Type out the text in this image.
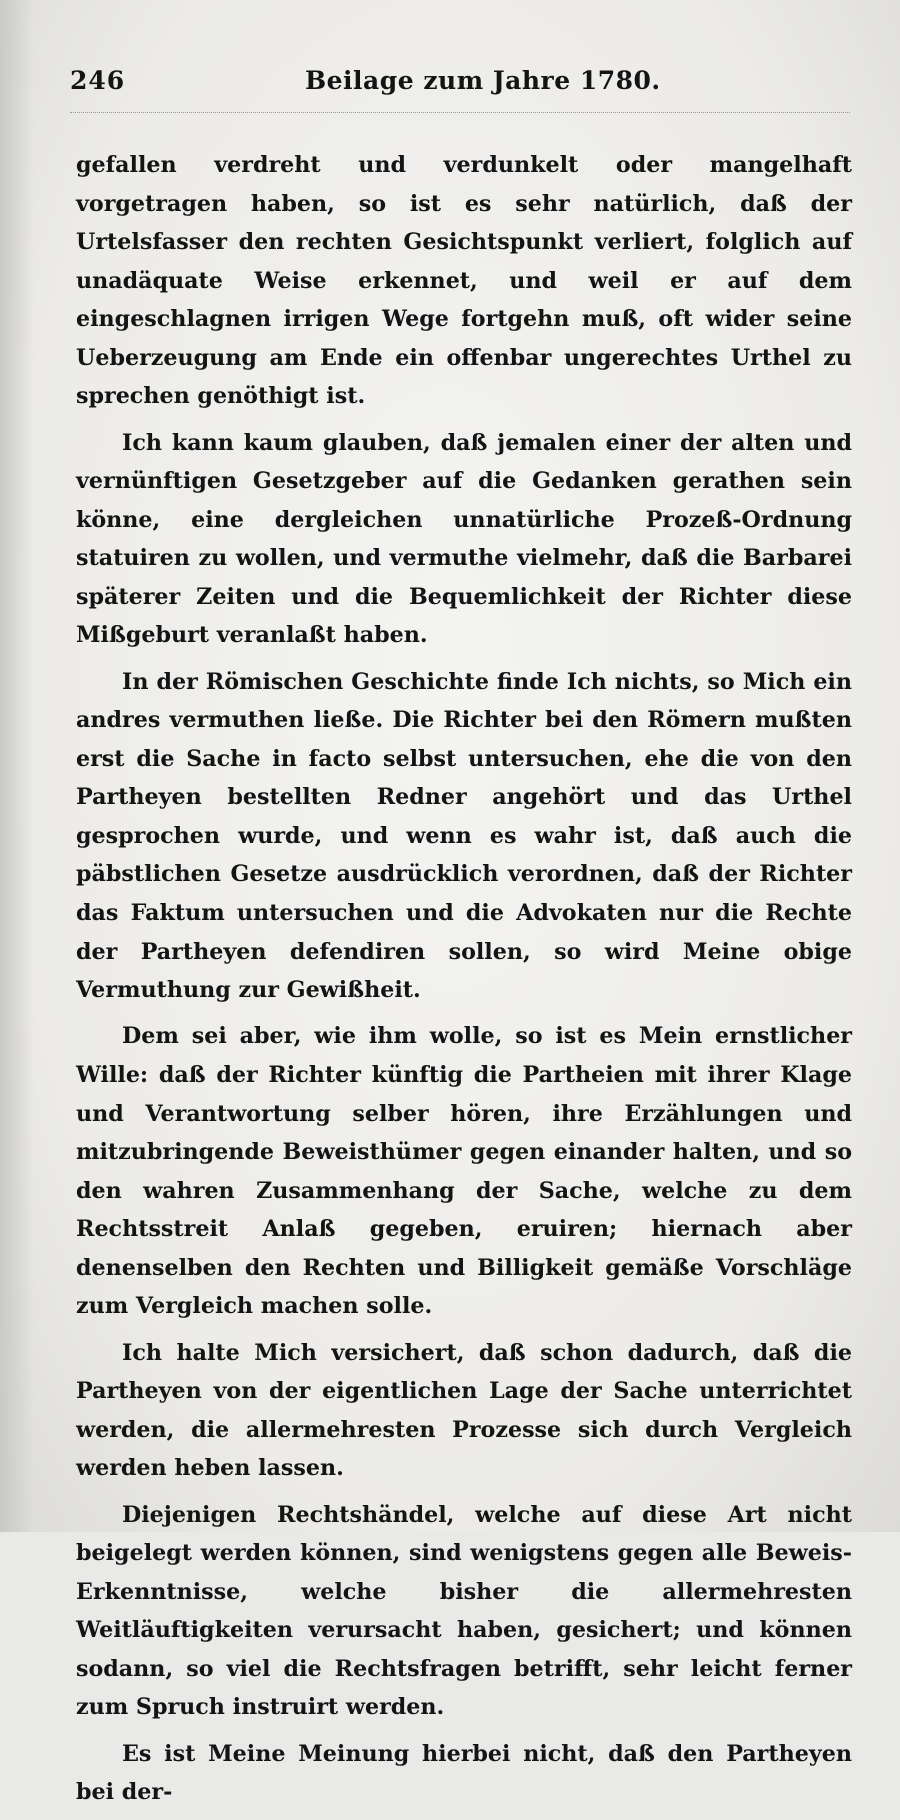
246	Beilage zum Jahre 1780.

gefallen verdreht und verdunkelt oder mangelhaft vorgetragen haben, so ist es sehr natürlich, daß der Urtelsfasser den rechten Gesichtspunkt verliert, folglich auf unadäquate Weise erkennet, und weil er auf dem eingeschlagnen irrigen Wege fortgehn muß, oft wider seine Ueberzeugung am Ende ein offenbar ungerechtes Urthel zu sprechen genöthigt ist.

Ich kann kaum glauben, daß jemalen einer der alten und vernünftigen Gesetzgeber auf die Gedanken gerathen sein könne, eine dergleichen unnatürliche Prozeß-Ordnung statuiren zu wollen, und vermuthe vielmehr, daß die Barbarei späterer Zeiten und die Bequemlichkeit der Richter diese Mißgeburt veranlaßt haben.

In der Römischen Geschichte finde Ich nichts, so Mich ein andres vermuthen ließe. Die Richter bei den Römern mußten erst die Sache in facto selbst untersuchen, ehe die von den Partheyen bestellten Redner angehört und das Urthel gesprochen wurde, und wenn es wahr ist, daß auch die päbstlichen Gesetze ausdrücklich verordnen, daß der Richter das Faktum untersuchen und die Advokaten nur die Rechte der Partheyen defendiren sollen, so wird Meine obige Vermuthung zur Gewißheit.

Dem sei aber, wie ihm wolle, so ist es Mein ernstlicher Wille: daß der Richter künftig die Partheien mit ihrer Klage und Verantwortung selber hören, ihre Erzählungen und mitzubringende Beweisthümer gegen einander halten, und so den wahren Zusammenhang der Sache, welche zu dem Rechtsstreit Anlaß gegeben, eruiren; hiernach aber denenselben den Rechten und Billigkeit gemäße Vorschläge zum Vergleich machen solle.

Ich halte Mich versichert, daß schon dadurch, daß die Partheyen von der eigentlichen Lage der Sache unterrichtet werden, die allermehresten Prozesse sich durch Vergleich werden heben lassen.

Diejenigen Rechtshändel, welche auf diese Art nicht beigelegt werden können, sind wenigstens gegen alle Beweis-Erkenntnisse, welche bisher die allermehresten Weitläuftigkeiten verursacht haben, gesichert; und können sodann, so viel die Rechtsfragen betrifft, sehr leicht ferner zum Spruch instruirt werden.

Es ist Meine Meinung hierbei nicht, daß den Partheyen bei der-
